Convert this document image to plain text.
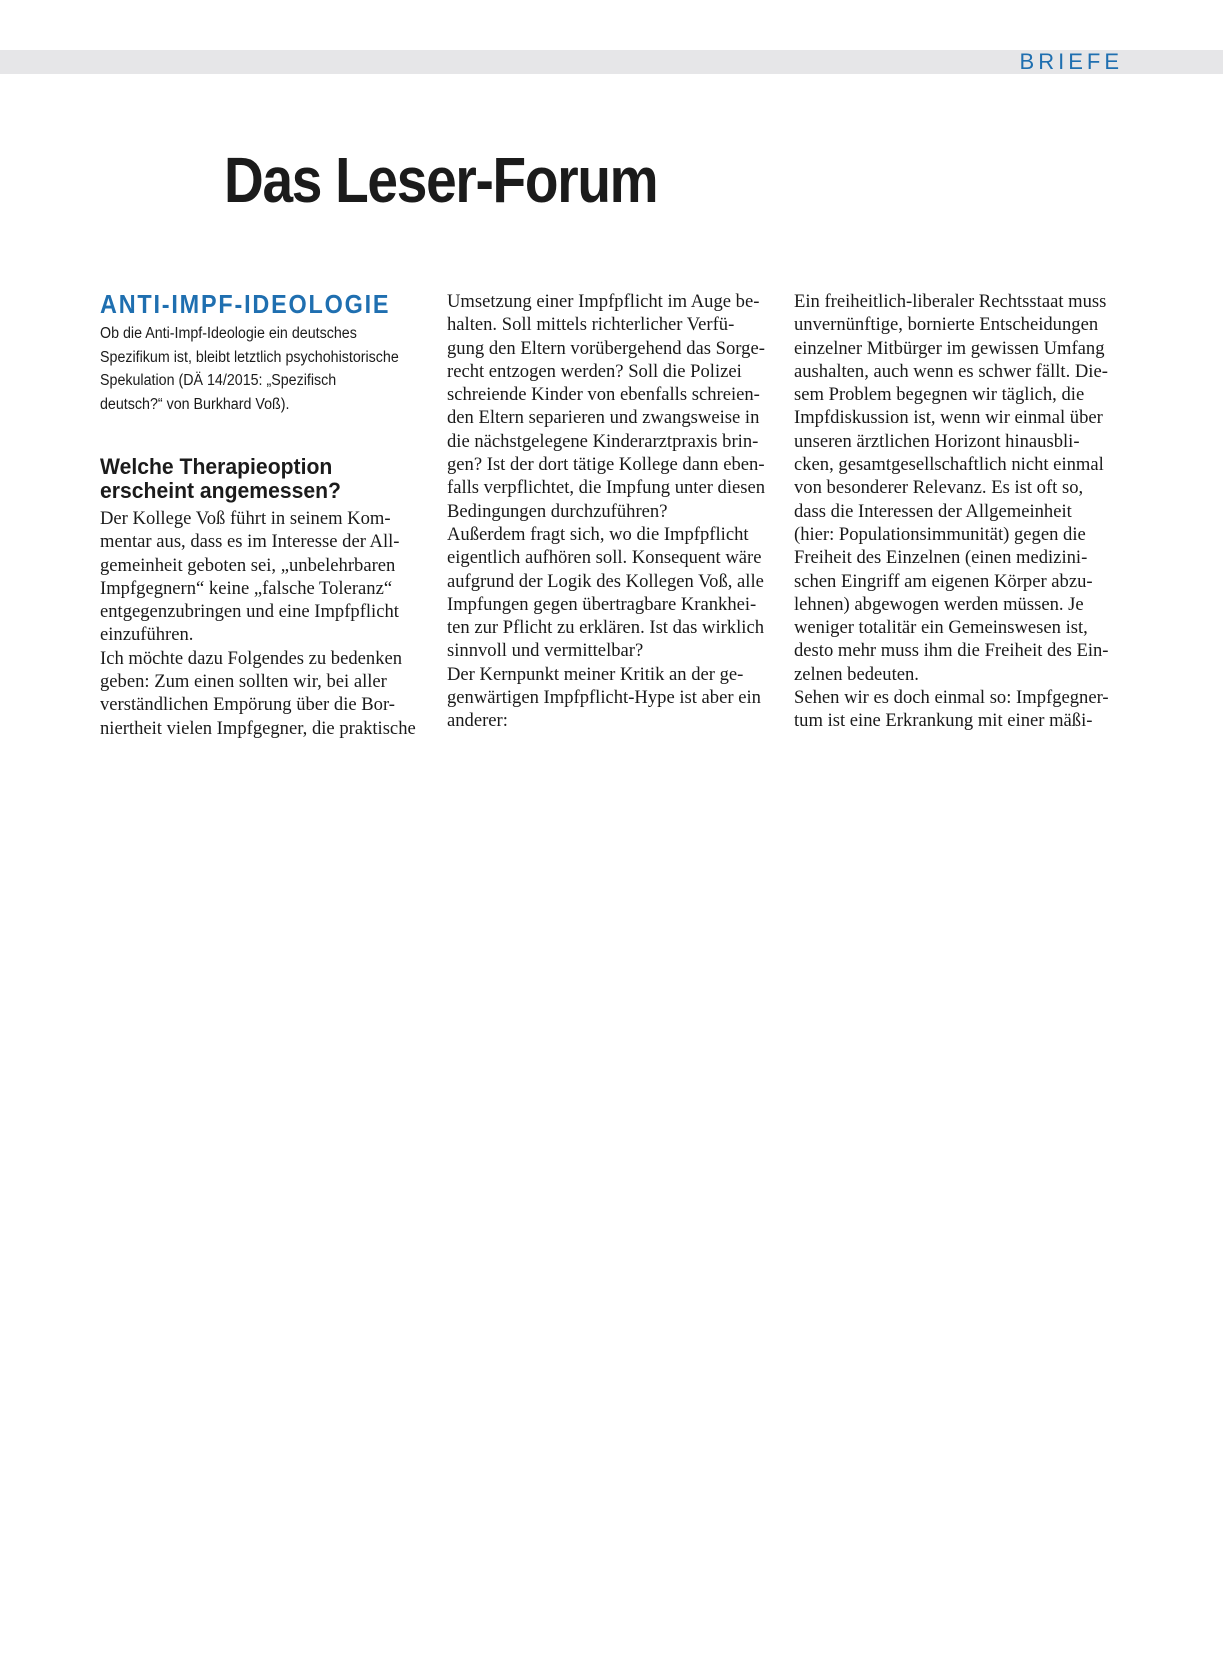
BRIEFE
Das Leser-Forum
ANTI-IMPF-IDEOLOGIE
Ob die Anti-Impf-Ideologie ein deutsches
Spezifikum ist, bleibt letztlich psychohistorische
Spekulation (DÄ 14/2015: „Spezifisch
deutsch?“ von Burkhard Voß).
Welche Therapieoption
erscheint angemessen?
Der Kollege Voß führt in seinem Kom-
mentar aus, dass es im Interesse der All-
gemeinheit geboten sei, „unbelehrbaren
Impfgegnern“ keine „falsche Toleranz“
entgegenzubringen und eine Impfpflicht
einzuführen.
Ich möchte dazu Folgendes zu bedenken
geben: Zum einen sollten wir, bei aller
verständlichen Empörung über die Bor-
niertheit vielen Impfgegner, die praktische
Umsetzung einer Impfpflicht im Auge be-
halten. Soll mittels richterlicher Verfü-
gung den Eltern vorübergehend das Sorge-
recht entzogen werden? Soll die Polizei
schreiende Kinder von ebenfalls schreien-
den Eltern separieren und zwangsweise in
die nächstgelegene Kinderarztpraxis brin-
gen? Ist der dort tätige Kollege dann eben-
falls verpflichtet, die Impfung unter diesen
Bedingungen durchzuführen?
Außerdem fragt sich, wo die Impfpflicht
eigentlich aufhören soll. Konsequent wäre
aufgrund der Logik des Kollegen Voß, alle
Impfungen gegen übertragbare Krankhei-
ten zur Pflicht zu erklären. Ist das wirklich
sinnvoll und vermittelbar?
Der Kernpunkt meiner Kritik an der ge-
genwärtigen Impfpflicht-Hype ist aber ein
anderer:
Ein freiheitlich-liberaler Rechtsstaat muss
unvernünftige, bornierte Entscheidungen
einzelner Mitbürger im gewissen Umfang
aushalten, auch wenn es schwer fällt. Die-
sem Problem begegnen wir täglich, die
Impfdiskussion ist, wenn wir einmal über
unseren ärztlichen Horizont hinausbli-
cken, gesamtgesellschaftlich nicht einmal
von besonderer Relevanz. Es ist oft so,
dass die Interessen der Allgemeinheit
(hier: Populationsimmunität) gegen die
Freiheit des Einzelnen (einen medizini-
schen Eingriff am eigenen Körper abzu-
lehnen) abgewogen werden müssen. Je
weniger totalitär ein Gemeinswesen ist,
desto mehr muss ihm die Freiheit des Ein-
zelnen bedeuten.
Sehen wir es doch einmal so: Impfgegner-
tum ist eine Erkrankung mit einer mäßi-
